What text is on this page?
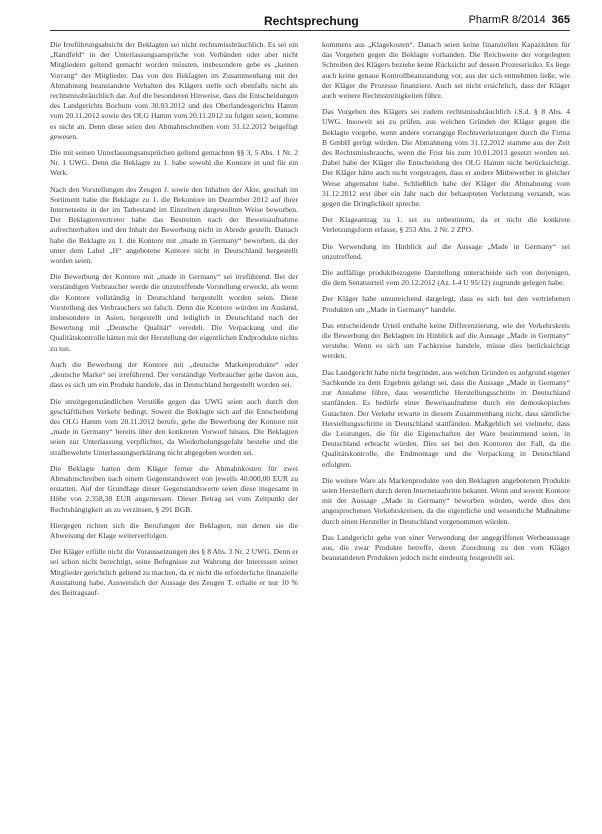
Rechtsprechung	PharmR 8/2014 365

Die Irreführungsabsicht der Beklagten sei nicht rechtsmissbräuchlich. Es sei ein „Randfeld“ in der Unterlassungsansprüche von Verbänden oder aber nicht Mitgliedern geltend gemacht worden müssten, insbesondere gebe es „keinen Vorrang“ der Mitglieder. Das von den Beklagten im Zusammenhang mit der Abmahnung beanstandete Verhalten des Klägers stelle sich ebenfalls nicht als rechtsmissbräuchlich dar. Auf die besonderen Hinweise, dass die Entscheidungen des Landgerichts Bochum vom 30.03.2012 und des Oberlandesgerichts Hamm vom 20.11.2012 sowie des OLG Hamm vom 20.11.2012 zu folgen seien, komme es nicht an. Denn diese seien den Abmahnschreiben vom 31.12.2012 beigefügt gewesen.

Die mit seinen Unterlassungsansprüchen geltend gemachten §§ 3, 5 Abs. 1 Nr. 2 Nr. 1 UWG. Denn die Beklagte zu 1. habe sowohl die Kontore in und für ein Werk.

Nach den Vorstellungen des Zeugen J. sowie den Inhalten der Akte, geschah im Sortiment habe die Beklagte zu 1. die Bekontore im Dezember 2012 auf ihrer Internetseite in der im Tatbestand im Einzelnen dargestellten Weise beworben. Der Beklagtenvertreter habe das Bestreiten nach der Beweisaufnahme aufrechterhalten und den Inhalt der Bewerbung nicht in Abrede gestellt. Danach habe die Beklagte zu 1. die Kontore mit „made in Germany“ beworben, da der unter dem Label „H“ angebotene Kontore nicht in Deutschland hergestellt worden seien.

Die Bewerbung der Kontore mit „made in Germany“ sei irreführend. Bei der verständigen Verbraucher werde die unzutreffende Vorstellung erweckt, als wenn die Kontore vollständig in Deutschland hergestellt worden seien. Diese Vorstellung des Verbrauchers sei falsch. Denn die Kontore würden im Ausland, insbesondere in Asien, hergestellt und lediglich in Deutschland nach der Bewertung mit „Deutsche Qualität“ veredelt. Die Verpackung und die Qualitätskontrolle hätten mit der Herstellung der eigentlichen Endprodukte nichts zu tun.

Auch die Bewerbung der Kontore mit „deutsche Markenprodukte“ oder „deutsche Marke“ sei irreführend. Der verständige Verbraucher gehe davon aus, dass es sich um ein Produkt handele, das in Deutschland hergestellt worden sei.

Die streitgegenständlichen Verstöße gegen das UWG seien auch durch den geschäftlichen Verkehr bedingt. Soweit die Beklagte sich auf die Entscheidung des OLG Hamm vom 20.11.2012 berufe, gehe die Bewerbung der Kontore mit „made in Germany“ bereits über den konkreten Vorwurf hinaus. Die Beklagten seien zur Unterlassung verpflichtet, da Wiederholungsgefahr bestehe und die strafbewehrte Unterlassungserklärung nicht abgegeben worden sei.

Die Beklagte hatten dem Kläger ferner die Abmahnkosten für zwei Abmahnschreiben nach einem Gegenstandswert von jeweils 40.000,00 EUR zu erstatten. Auf der Grundlage dieser Gegenstandswerte seien diese insgesamt in Höhe von 2.358,38 EUR angemessen. Dieser Betrag sei vom Zeitpunkt der Rechtshängigkeit an zu verzinsen, § 291 BGB.

Hiergegen richten sich die Berufungen der Beklagten, mit denen sie die Abweisung der Klage weiterverfolgen.

Der Kläger erfülle nicht die Voraussetzungen des § 8 Abs. 3 Nr. 2 UWG. Denn er sei schon nicht berechtigt, seine Befugnisse zur Wahrung der Interessen seiner Mitglieder gerichtlich geltend zu machen, da er nicht die erforderliche finanzielle Ausstattung habe. Ausweislich der Aussage des Zeugen T. erhalte er nur 10 % des Beitragsauf-

kommens aus „Klagekosten“. Danach seien keine finanziellen Kapazitäten für das Vorgehen gegen die Beklagte vorhanden. Die Reichweite der vorgelegten Schreiben des Klägers beziehe keine Rücksicht auf dessen Prozessrisiko. Es liege auch keine genaue Kontrollbeanstandung vor, aus der sich entnehmen ließe, wie der Kläger die Prozesse finanziere. Auch sei nicht ersichtlich, dass der Kläger auch weitere Rechtsstreitigkeiten führe.

Das Vorgehen des Klägers sei zudem rechtsmissbräuchlich i.S.d. § 8 Abs. 4 UWG. Insoweit sei zu prüfen, aus welchen Gründen der Kläger gegen die Beklagte vorgehe, wenn andere vorrangige Rechtsverletzungen durch die Firma B GmbH gerügt würden. Die Abmahnung vom 31.12.2012 stamme aus der Zeit des Rechtsmissbrauchs, wenn die Frist bis zum 10.01.2013 gesetzt worden sei. Dabei habe der Kläger die Entscheidung des OLG Hamm nicht berücksichtigt. Der Kläger hätte auch nicht vorgetragen, dass er andere Mitbewerber in gleicher Weise abgemahnt habe. Schließlich habe der Kläger die Abmahnung vom 31.12.2012 erst über ein Jahr nach der behaupteten Verletzung versandt, was gegen die Dringlichkeit spreche.

Der Klageantrag zu 1. sei zu unbestimmt, da er nicht die konkrete Verletzungsform erfasse, § 253 Abs. 2 Nr. 2 ZPO.

Die Verwendung im Hinblick auf die Aussage „Made in Germany“ sei unzutreffend.

Die auffällige produktbezogene Darstellung unterscheide sich von derjenigen, die dem Senatsurteil vom 20.12.2012 (Az. I-4 U 95/12) zugrunde gelegen habe.

Der Kläger habe unzureichend dargelegt, dass es sich bei den vertriebenen Produkten um „Made in Germany“ handele.

Das entscheidende Urteil enthalte keine Differenzierung, wie der Verkehrskreis die Bewerbung der Beklagten im Hinblick auf die Aussage „Made in Germany“ verstehe. Wenn es sich um Fachkreise handele, müsse dies berücksichtigt werden.

Das Landgericht habe nicht begründet, aus welchen Gründen es aufgrund eigener Sachkunde zu dem Ergebnis gelangt sei, dass die Aussage „Made in Germany“ zur Annahme führe, dass wesentliche Herstellungsschritte in Deutschland stattfänden. Es bedürfe einer Beweisaufnahme durch ein demoskopisches Gutachten. Der Verkehr erwarte in diesem Zusammenhang nicht, dass sämtliche Herstellungsschritte in Deutschland stattfänden. Maßgeblich sei vielmehr, dass die Leistungen, die für die Eigenschaften der Ware bestimmend seien, in Deutschland erbracht würden. Dies sei bei den Kontoren der Fall, da die Qualitätskontrolle, die Endmontage und die Verpackung in Deutschland erfolgten.

Die weitere Ware als Markenprodukte von den Beklagten angebotenen Produkte seien Herstellern durch deren Internetauftritte bekannt. Wenn und soweit Kontore mit der Aussage „Made in Germany“ beworben würden, werde dies den angesprochenen Verkehrskreisen, da die eigentliche und wesentliche Maßnahme durch einen Hersteller in Deutschland vorgenommen würden.

Das Landgericht gehe von einer Verwendung der angegriffenen Werbeaussage aus, die zwar Produkte betreffe, deren Zuordnung zu den vom Kläger beanstandeten Produkten jedoch nicht eindeutig festgestellt sei.
